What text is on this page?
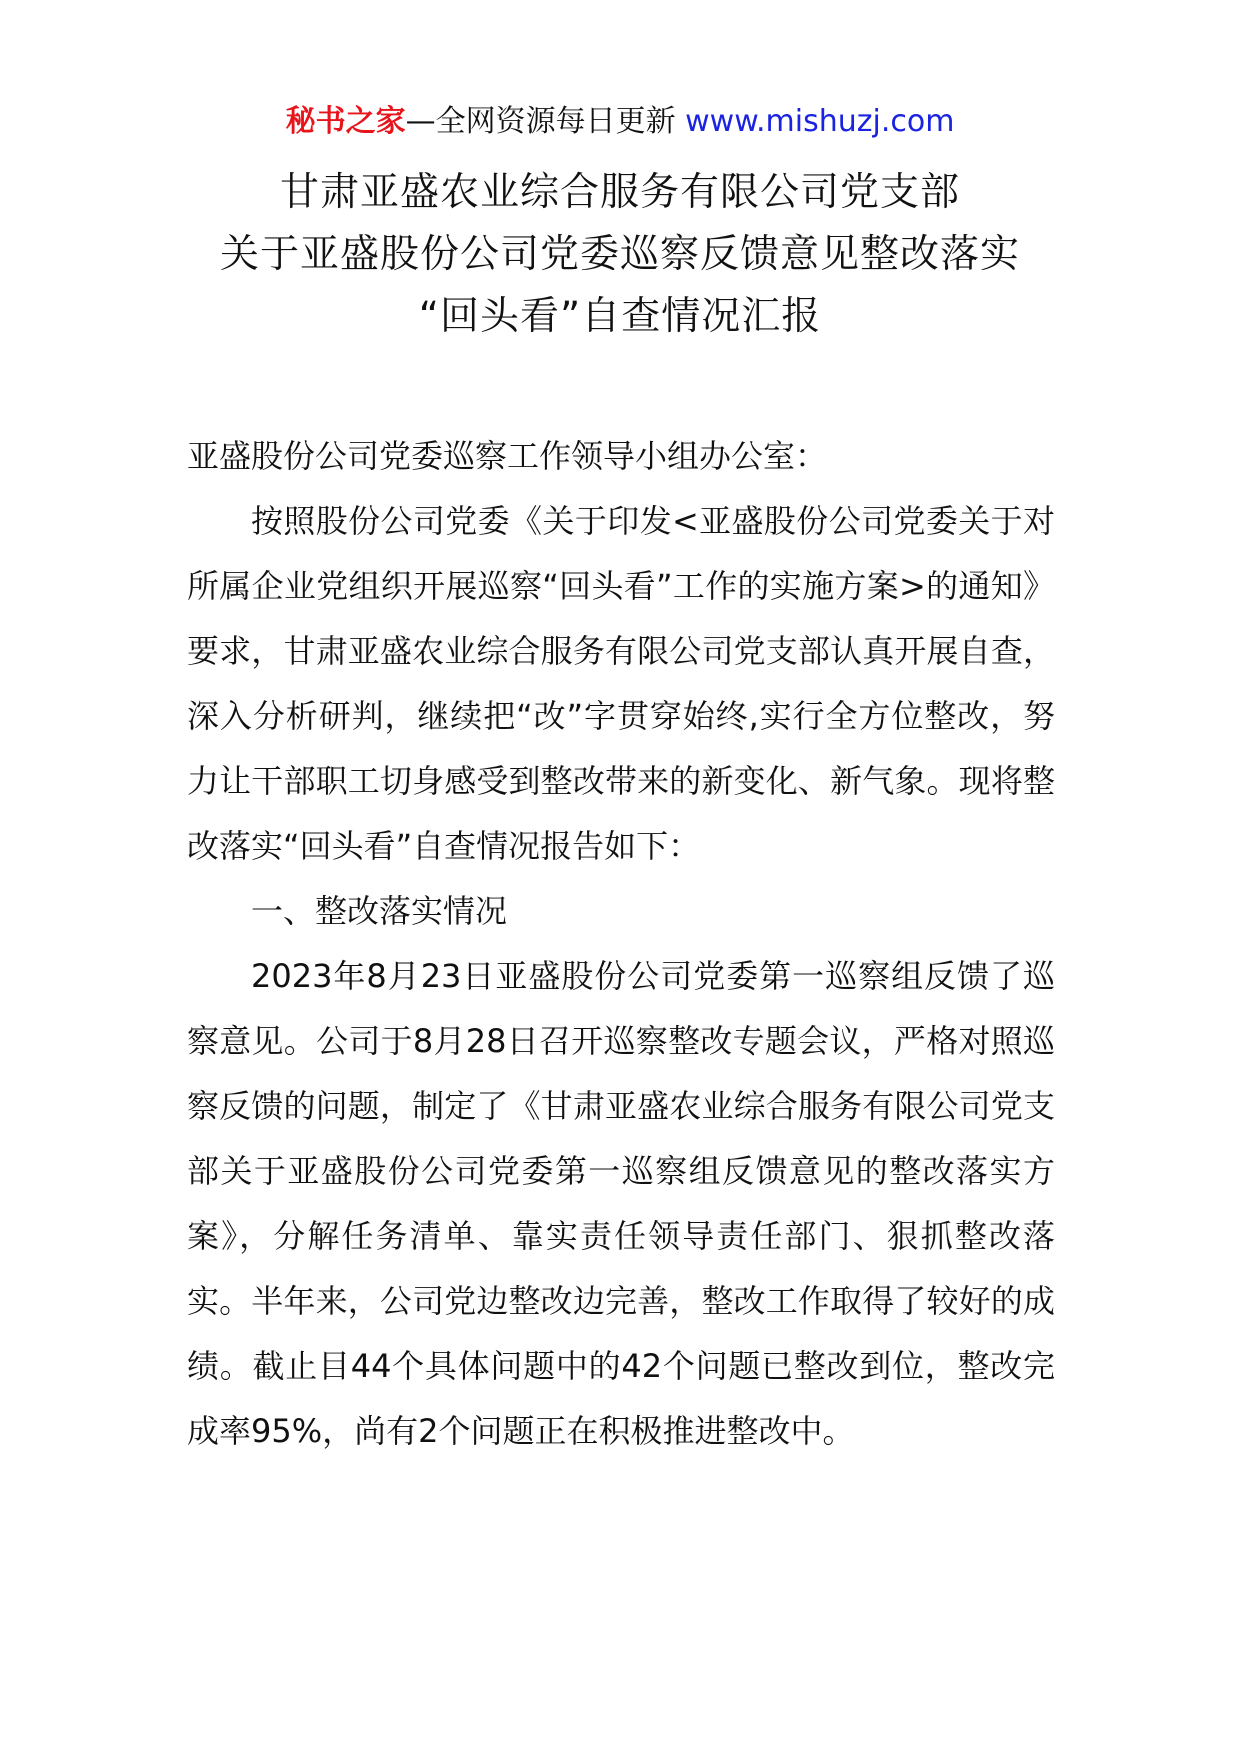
秘书之家—全网资源每日更新 www.mishuzj.com
甘肃亚盛农业综合服务有限公司党支部
关于亚盛股份公司党委巡察反馈意见整改落实
“回头看”自查情况汇报

亚盛股份公司党委巡察工作领导小组办公室：

按照股份公司党委《关于印发<亚盛股份公司党委关于对所属企业党组织开展巡察“回头看”工作的实施方案>的通知》要求，甘肃亚盛农业综合服务有限公司党支部认真开展自查，深入分析研判，继续把“改”字贯穿始终,实行全方位整改，努力让干部职工切身感受到整改带来的新变化、新气象。现将整改落实“回头看”自查情况报告如下：

一、整改落实情况

2023年8月23日亚盛股份公司党委第一巡察组反馈了巡察意见。公司于8月28日召开巡察整改专题会议，严格对照巡察反馈的问题，制定了《甘肃亚盛农业综合服务有限公司党支部关于亚盛股份公司党委第一巡察组反馈意见的整改落实方案》，分解任务清单、靠实责任领导责任部门、狠抓整改落实。半年来，公司党边整改边完善，整改工作取得了较好的成绩。截止目44个具体问题中的42个问题已整改到位，整改完成率95%，尚有2个问题正在积极推进整改中。
